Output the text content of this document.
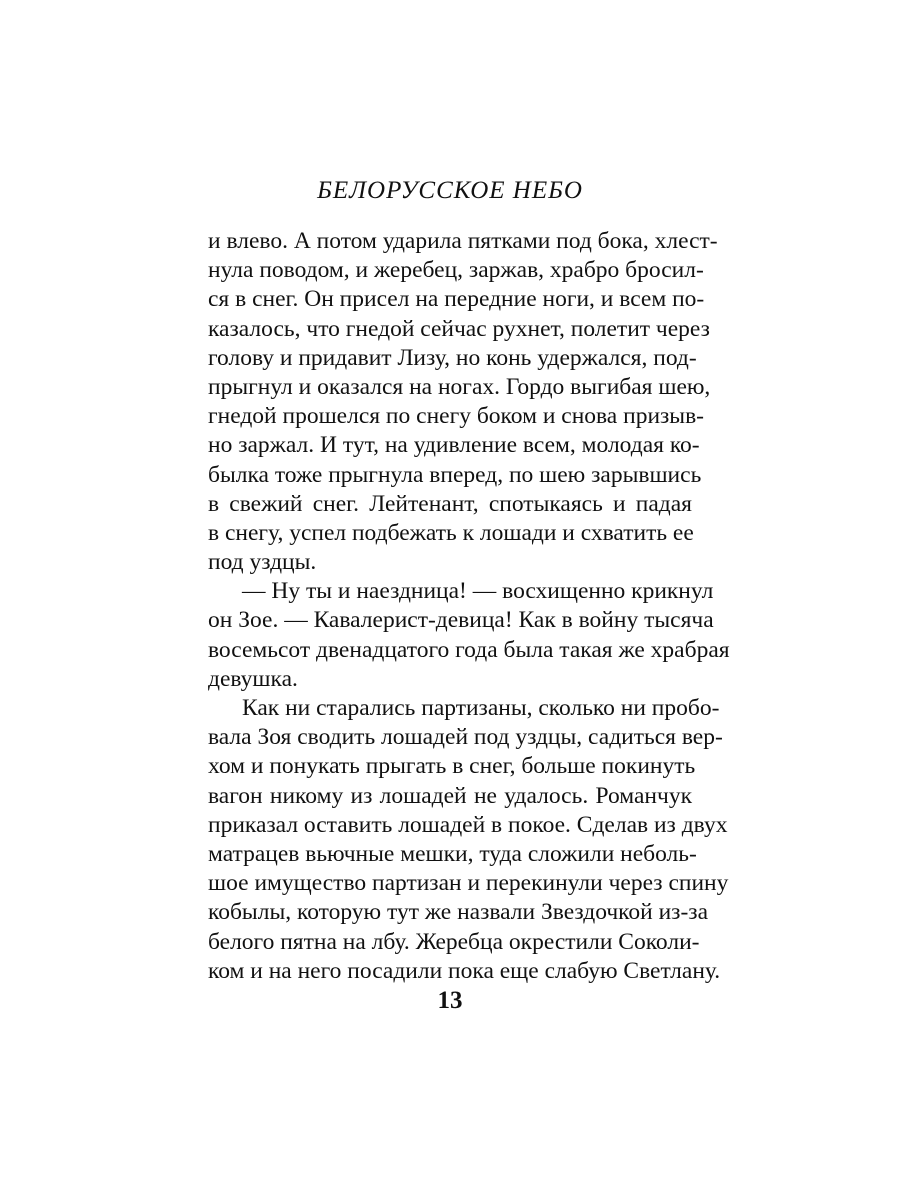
БЕЛОРУССКОЕ НЕБО
и влево. А потом ударила пятками под бока, хлест-
нула поводом, и жеребец, заржав, храбро бросил-
ся в снег. Он присел на передние ноги, и всем по-
казалось, что гнедой сейчас рухнет, полетит через
голову и придавит Лизу, но конь удержался, под-
прыгнул и оказался на ногах. Гордо выгибая шею,
гнедой прошелся по снегу боком и снова призыв-
но заржал. И тут, на удивление всем, молодая ко-
былка тоже прыгнула вперед, по шею зарывшись
в свежий снег. Лейтенант, спотыкаясь и падая
в снегу, успел подбежать к лошади и схватить ее
под уздцы.
— Ну ты и наездница! — восхищенно крикнул
он Зое. — Кавалерист-девица! Как в войну тысяча
восемьсот двенадцатого года была такая же храбрая
девушка.
Как ни старались партизаны, сколько ни пробо-
вала Зоя сводить лошадей под уздцы, садиться вер-
хом и понукать прыгать в снег, больше покинуть
вагон никому из лошадей не удалось. Романчук
приказал оставить лошадей в покое. Сделав из двух
матрацев вьючные мешки, туда сложили неболь-
шое имущество партизан и перекинули через спину
кобылы, которую тут же назвали Звездочкой из-за
белого пятна на лбу. Жеребца окрестили Соколи-
ком и на него посадили пока еще слабую Светлану.
13
